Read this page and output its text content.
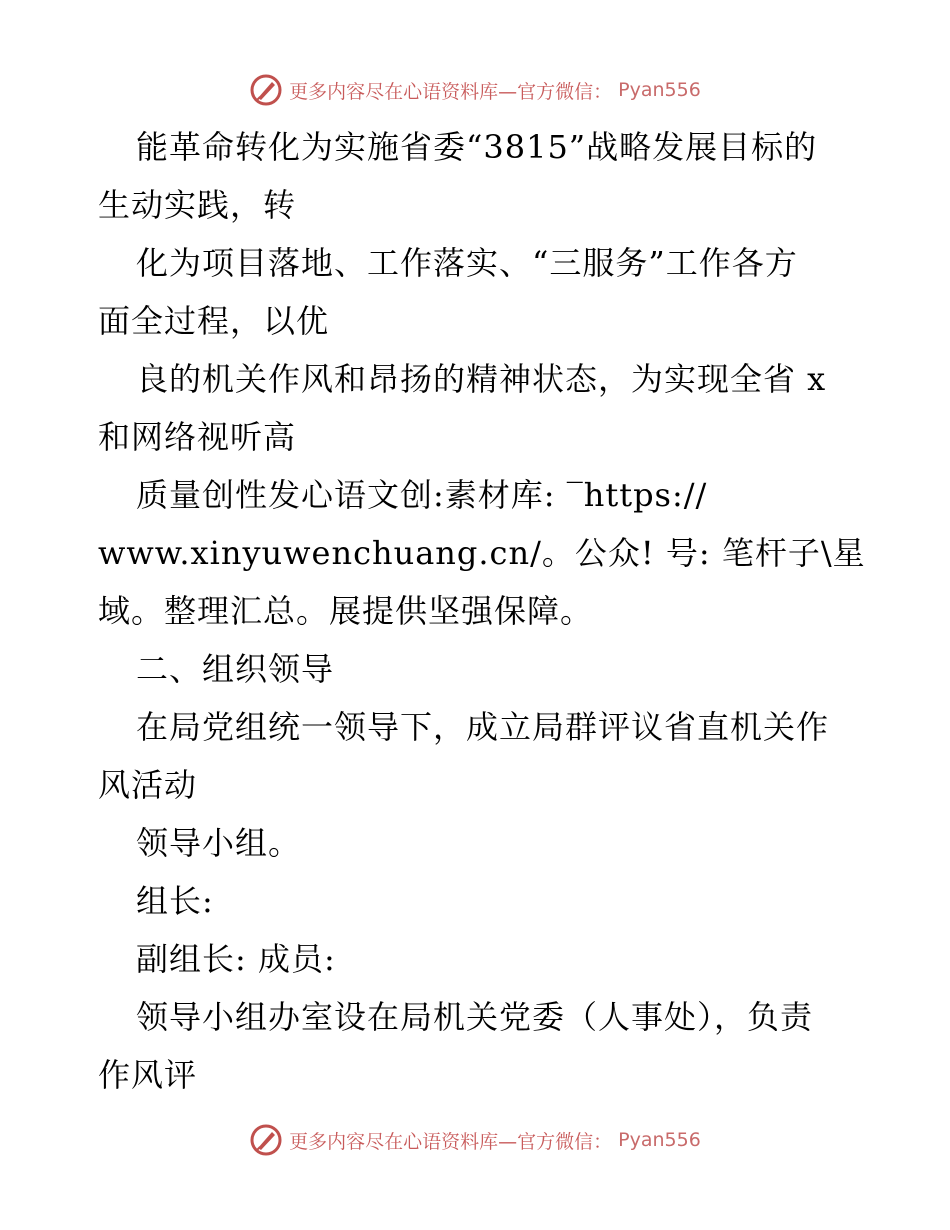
更多内容尽在心语资料库—官方微信： Pyan556
能革命转化为实施省委“3815”战略发展目标的
生动实践，转
化为项目落地、工作落实、“三服务”工作各方
面全过程，以优
良的机关作风和昂扬的精神状态，为实现全省 x
和网络视听高
质量创性发心语文创:素材库: ‾https://
www.xinyuwenchuang.cn/。公众! 号: 笔杆子\星
域。整理汇总。展提供坚强保障。
二、组织领导
在局党组统一领导下，成立局群评议省直机关作
风活动
领导小组。
组长:
副组长: 成员:
领导小组办室设在局机关党委（人事处），负责
作风评
更多内容尽在心语资料库—官方微信： Pyan556
